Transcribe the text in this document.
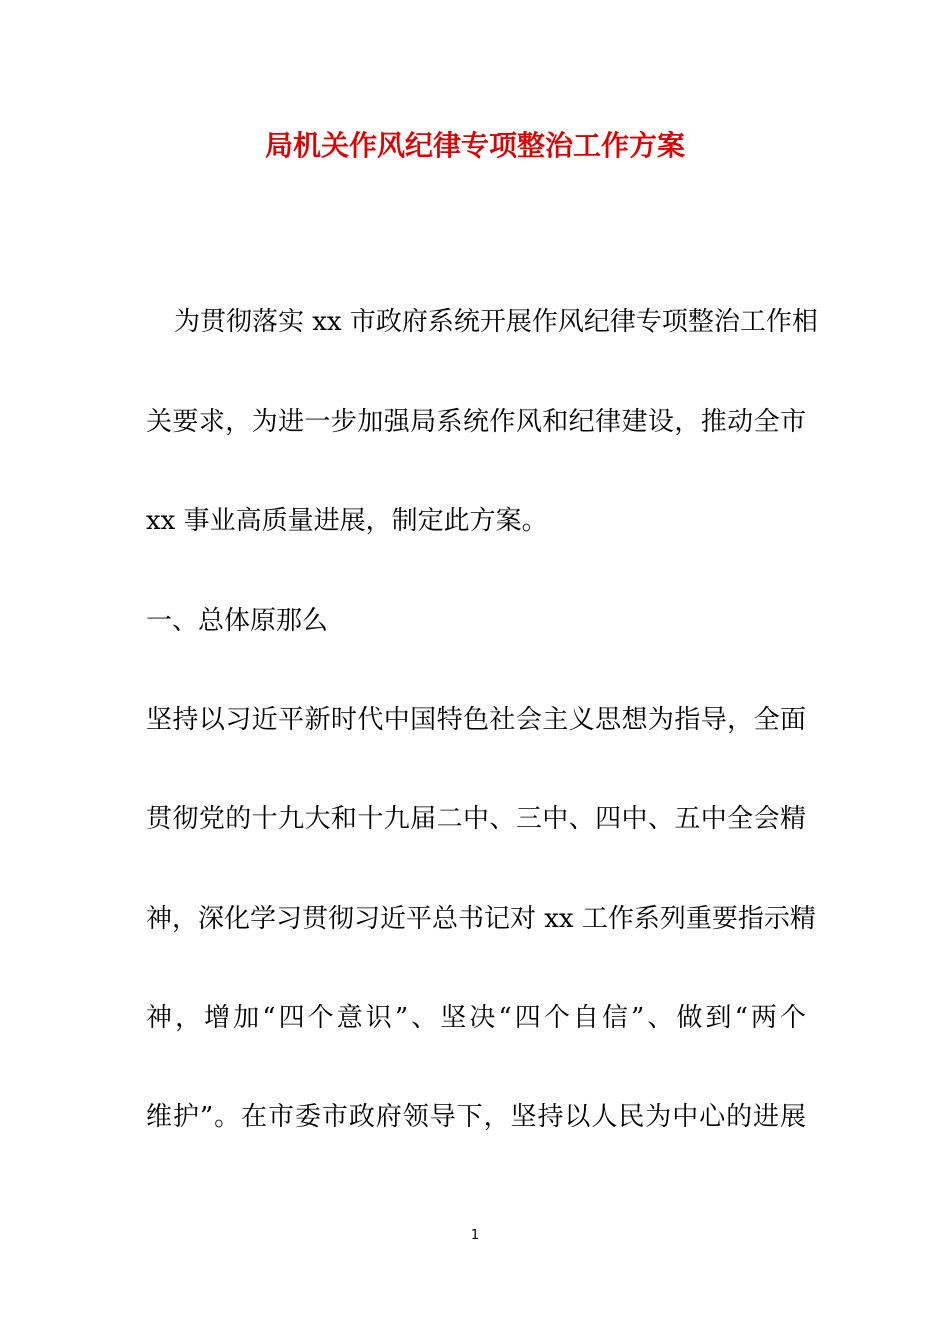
局机关作风纪律专项整治工作方案

为贯彻落实 xx 市政府系统开展作风纪律专项整治工作相

关要求，为进一步加强局系统作风和纪律建设，推动全市

xx 事业高质量进展，制定此方案。

一、总体原那么

坚持以习近平新时代中国特色社会主义思想为指导，全面

贯彻党的十九大和十九届二中、三中、四中、五中全会精

神，深化学习贯彻习近平总书记对 xx 工作系列重要指示精

神，增加“四个意识”、坚决“四个自信”、做到“两个

维护”。在市委市政府领导下，坚持以人民为中心的进展

1
